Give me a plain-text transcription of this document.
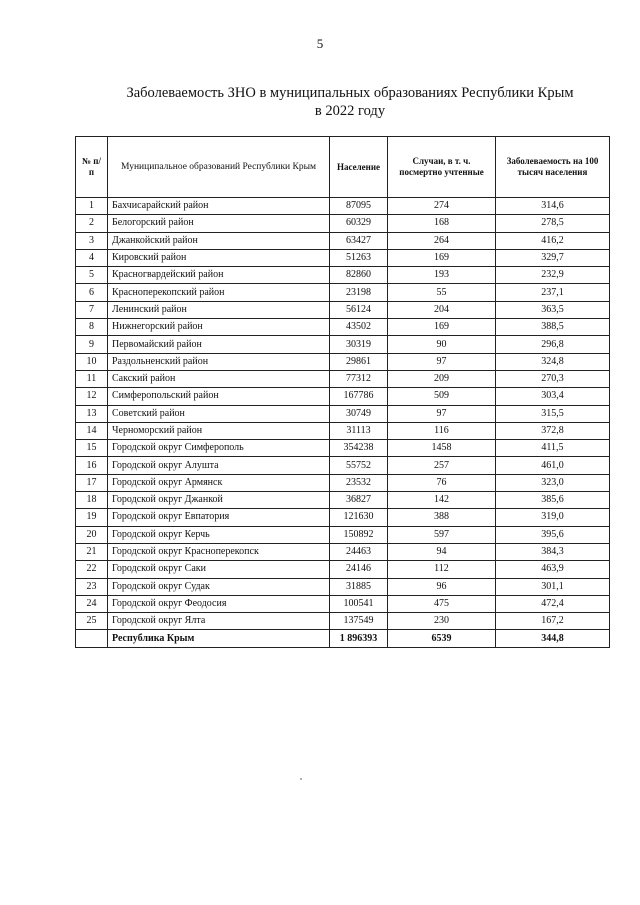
5
Заболеваемость ЗНО в муниципальных образованиях Республики Крым
в 2022 году
№ п/п	Муниципальное образований Республики Крым	Население	Случаи, в т. ч. посмертно учтенные	Заболеваемость на 100 тысяч населения
1	Бахчисарайский район	87095	274	314,6
2	Белогорский район	60329	168	278,5
3	Джанкойский район	63427	264	416,2
4	Кировский район	51263	169	329,7
5	Красногвардейский район	82860	193	232,9
6	Красноперекопский район	23198	55	237,1
7	Ленинский район	56124	204	363,5
8	Нижнегорский район	43502	169	388,5
9	Первомайский район	30319	90	296,8
10	Раздольненский район	29861	97	324,8
11	Сакский район	77312	209	270,3
12	Симферопольский район	167786	509	303,4
13	Советский район	30749	97	315,5
14	Черноморский район	31113	116	372,8
15	Городской округ Симферополь	354238	1458	411,5
16	Городской округ Алушта	55752	257	461,0
17	Городской округ Армянск	23532	76	323,0
18	Городской округ Джанкой	36827	142	385,6
19	Городской округ Евпатория	121630	388	319,0
20	Городской округ Керчь	150892	597	395,6
21	Городской округ Красноперекопск	24463	94	384,3
22	Городской округ Саки	24146	112	463,9
23	Городской округ Судак	31885	96	301,1
24	Городской округ Феодосия	100541	475	472,4
25	Городской округ Ялта	137549	230	167,2
	Республика Крым	1 896393	6539	344,8
